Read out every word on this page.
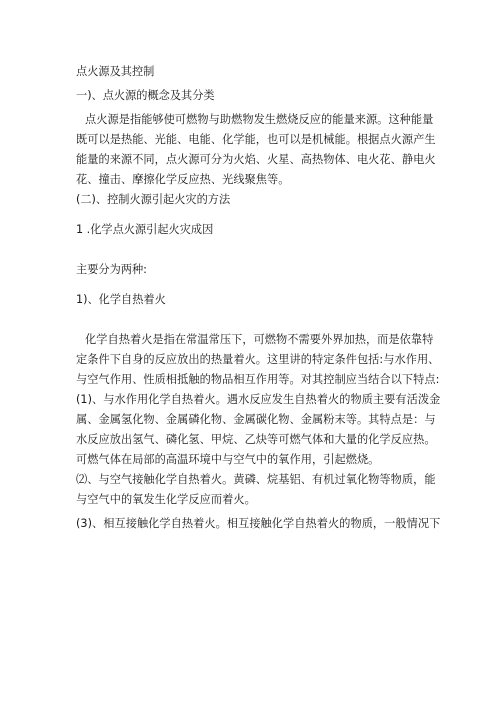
点火源及其控制

一)、点火源的概念及其分类

点火源是指能够使可燃物与助燃物发生燃烧反应的能量来源。这种能量

既可以是热能、光能、电能、化学能，也可以是机械能。根据点火源产生

能量的来源不同，点火源可分为火焰、火星、高热物体、电火花、静电火

花、撞击、摩擦化学反应热、光线聚焦等。

(二)、控制火源引起火灾的方法

1 .化学点火源引起火灾成因

主要分为两种:

1)、化学自热着火

化学自热着火是指在常温常压下，可燃物不需要外界加热，而是依靠特

定条件下自身的反应放出的热量着火。这里讲的特定条件包括:与水作用、

与空气作用、性质相抵触的物品相互作用等。对其控制应当结合以下特点:

(1)、与水作用化学自热着火。遇水反应发生自热着火的物质主要有活泼金

属、金属氢化物、金属磷化物、金属碳化物、金属粉末等。其特点是：与

水反应放出氢气、磷化氢、甲烷、乙炔等可燃气体和大量的化学反应热。

可燃气体在局部的高温环境中与空气中的氧作用，引起燃烧。

⑵、与空气接触化学自热着火。黄磷、烷基铝、有机过氧化物等物质，能

与空气中的氧发生化学反应而着火。

(3)、相互接触化学自热着火。相互接触化学自热着火的物质，一般情况下
